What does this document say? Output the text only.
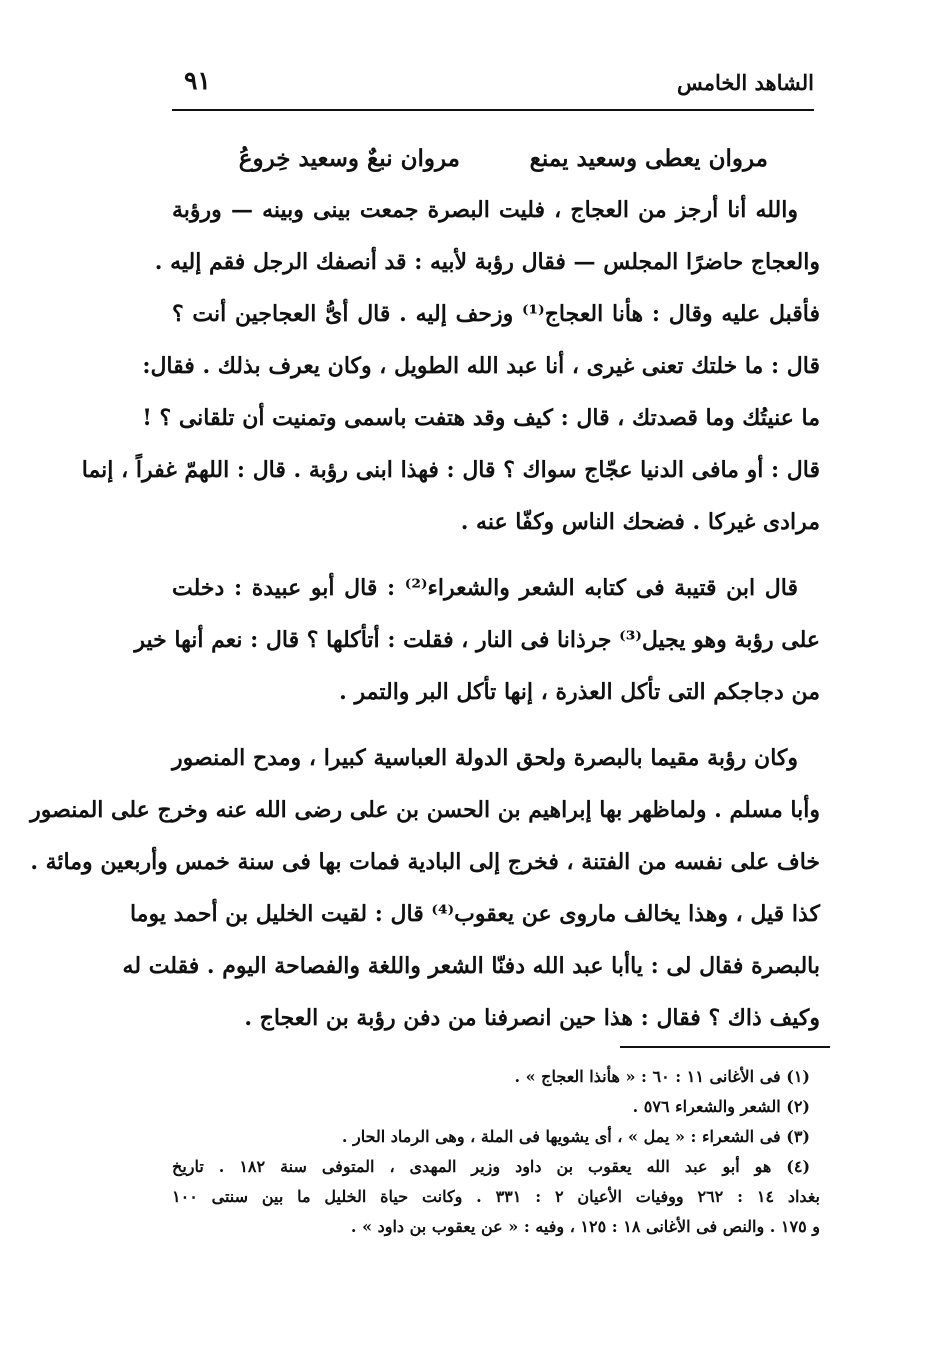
الشاهد الخامس
٩١
مروان نبعٌ وسعيد خِروعُ	مروان يعطى وسعيد يمنع
والله أنا أرجز من العجاج ، فليت البصرة جمعت بينى وبينه — ورؤبة
والعجاج حاضرًا المجلس — فقال رؤبة لأبيه : قد أنصفك الرجل فقم إليه .
فأقبل عليه وقال : هأنا العجاج⁽¹⁾ وزحف إليه . قال أىُّ العجاجين أنت ؟
قال : ما خلتك تعنى غيرى ، أنا عبد الله الطويل ، وكان يعرف بذلك . فقال:
ما عنيتُك وما قصدتك ، قال : كيف وقد هتفت باسمى وتمنيت أن تلقانى ؟ !
قال : أو مافى الدنيا عجّاج سواك ؟ قال : فهذا ابنى رؤبة . قال : اللهمّ غفراً ، إنما
مرادى غيركا . فضحك الناس وكفّا عنه .
قال ابن قتيبة فى كتابه الشعر والشعراء⁽²⁾ : قال أبو عبيدة : دخلت
على رؤبة وهو يجيل⁽³⁾ جرذانا فى النار ، فقلت : أتأكلها ؟ قال : نعم أنها خير
من دجاجكم التى تأكل العذرة ، إنها تأكل البر والتمر .
وكان رؤبة مقيما بالبصرة ولحق الدولة العباسية كبيرا ، ومدح المنصور
وأبا مسلم . ولماظهر بها إبراهيم بن الحسن بن على رضى الله عنه وخرج على المنصور
خاف على نفسه من الفتنة ، فخرج إلى البادية فمات بها فى سنة خمس وأربعين ومائة .
كذا قيل ، وهذا يخالف ماروى عن يعقوب⁽⁴⁾ قال : لقيت الخليل بن أحمد يوما
بالبصرة فقال لى : ياأبا عبد الله دفنّا الشعر واللغة والفصاحة اليوم . فقلت له
وكيف ذاك ؟ فقال : هذا حين انصرفنا من دفن رؤبة بن العجاج .
(١) فى الأغانى ١١ : ٦٠ : « هأنذا العجاج » .
(٢) الشعر والشعراء ٥٧٦ .
(٣) فى الشعراء : « يمل » ، أى يشويها فى الملة ، وهى الرماد الحار .
(٤) هو أبو عبد الله يعقوب بن داود وزير المهدى ، المتوفى سنة ١٨٢ . تاريخ
بغداد ١٤ : ٢٦٢ ووفيات الأعيان ٢ : ٣٣١ . وكانت حياة الخليل ما بين سنتى ١٠٠
و ١٧٥ . والنص فى الأغانى ١٨ : ١٢٥ ، وفيه : « عن يعقوب بن داود » .
